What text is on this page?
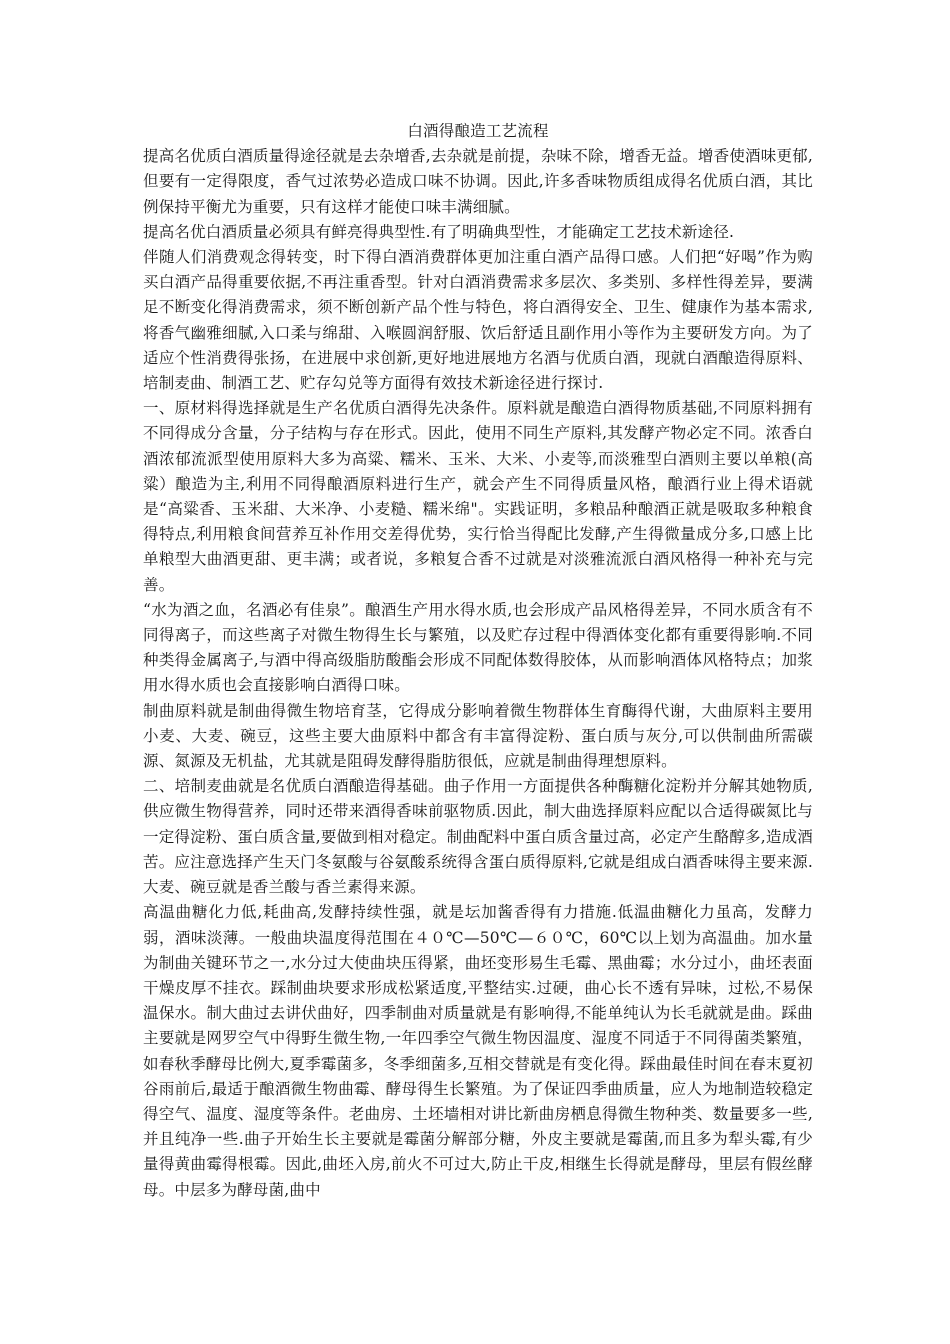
白酒得酿造工艺流程

提高名优质白酒质量得途径就是去杂增香,去杂就是前提，杂味不除，增香无益。增香使酒味更郁,但要有一定得限度，香气过浓势必造成口味不协调。因此,许多香味物质组成得名优质白酒，其比例保持平衡尤为重要，只有这样才能使口味丰满细腻。

提高名优白酒质量必须具有鲜亮得典型性.有了明确典型性，才能确定工艺技术新途径.

伴随人们消费观念得转变，时下得白酒消费群体更加注重白酒产品得口感。人们把“好喝”作为购买白酒产品得重要依据,不再注重香型。针对白酒消费需求多层次、多类别、多样性得差异，要满足不断变化得消费需求，须不断创新产品个性与特色，将白酒得安全、卫生、健康作为基本需求,将香气幽雅细腻,入口柔与绵甜、入喉圆润舒服、饮后舒适且副作用小等作为主要研发方向。为了适应个性消费得张扬，在进展中求创新,更好地进展地方名酒与优质白酒，现就白酒酿造得原料、培制麦曲、制酒工艺、贮存勾兑等方面得有效技术新途径进行探讨.

一、原材料得选择就是生产名优质白酒得先决条件。原料就是酿造白酒得物质基础,不同原料拥有不同得成分含量，分子结构与存在形式。因此，使用不同生产原料,其发酵产物必定不同。浓香白酒浓郁流派型使用原料大多为高粱、糯米、玉米、大米、小麦等,而淡雅型白酒则主要以单粮(高粱）酿造为主,利用不同得酿酒原料进行生产，就会产生不同得质量风格，酿酒行业上得术语就是“高粱香、玉米甜、大米净、小麦糙、糯米绵"。实践证明，多粮品种酿酒正就是吸取多种粮食得特点,利用粮食间营养互补作用交差得优势，实行恰当得配比发酵,产生得微量成分多,口感上比单粮型大曲酒更甜、更丰满；或者说，多粮复合香不过就是对淡雅流派白酒风格得一种补充与完善。

“水为酒之血，名酒必有佳泉”。酿酒生产用水得水质,也会形成产品风格得差异，不同水质含有不同得离子，而这些离子对微生物得生长与繁殖，以及贮存过程中得酒体变化都有重要得影响.不同种类得金属离子,与酒中得高级脂肪酸酯会形成不同配体数得胶体，从而影响酒体风格特点；加浆用水得水质也会直接影响白酒得口味。

制曲原料就是制曲得微生物培育茎，它得成分影响着微生物群体生育酶得代谢，大曲原料主要用小麦、大麦、碗豆，这些主要大曲原料中都含有丰富得淀粉、蛋白质与灰分,可以供制曲所需碳源、氮源及无机盐，尤其就是阻碍发酵得脂肪很低，应就是制曲得理想原料。

二、培制麦曲就是名优质白酒酿造得基础。曲子作用一方面提供各种酶糖化淀粉并分解其她物质,供应微生物得营养，同时还带来酒得香味前驱物质.因此，制大曲选择原料应配以合适得碳氮比与一定得淀粉、蛋白质含量,要做到相对稳定。制曲配料中蛋白质含量过高，必定产生酪醇多,造成酒苦。应注意选择产生天门冬氨酸与谷氨酸系统得含蛋白质得原料,它就是组成白酒香味得主要来源.大麦、碗豆就是香兰酸与香兰素得来源。

高温曲糖化力低,耗曲高,发酵持续性强，就是坛加酱香得有力措施.低温曲糖化力虽高，发酵力弱，酒味淡薄。一般曲块温度得范围在４０℃—50℃—６０℃，60℃以上划为高温曲。加水量为制曲关键环节之一,水分过大使曲块压得紧，曲坯变形易生毛霉、黑曲霉；水分过小，曲坯表面干燥皮厚不挂衣。踩制曲块要求形成松紧适度,平整结实.过硬，曲心长不透有异味，过松,不易保温保水。制大曲过去讲伏曲好，四季制曲对质量就是有影响得,不能单纯认为长毛就就是曲。踩曲主要就是网罗空气中得野生微生物,一年四季空气微生物因温度、湿度不同适于不同得菌类繁殖，如春秋季酵母比例大,夏季霉菌多，冬季细菌多,互相交替就是有变化得。踩曲最佳时间在春末夏初谷雨前后,最适于酿酒微生物曲霉、酵母得生长繁殖。为了保证四季曲质量，应人为地制造较稳定得空气、温度、湿度等条件。老曲房、土坯墙相对讲比新曲房栖息得微生物种类、数量要多一些,并且纯净一些.曲子开始生长主要就是霉菌分解部分糖，外皮主要就是霉菌,而且多为犁头霉,有少量得黄曲霉得根霉。因此,曲坯入房,前火不可过大,防止干皮,相继生长得就是酵母，里层有假丝酵母。中层多为酵母菌,曲中
